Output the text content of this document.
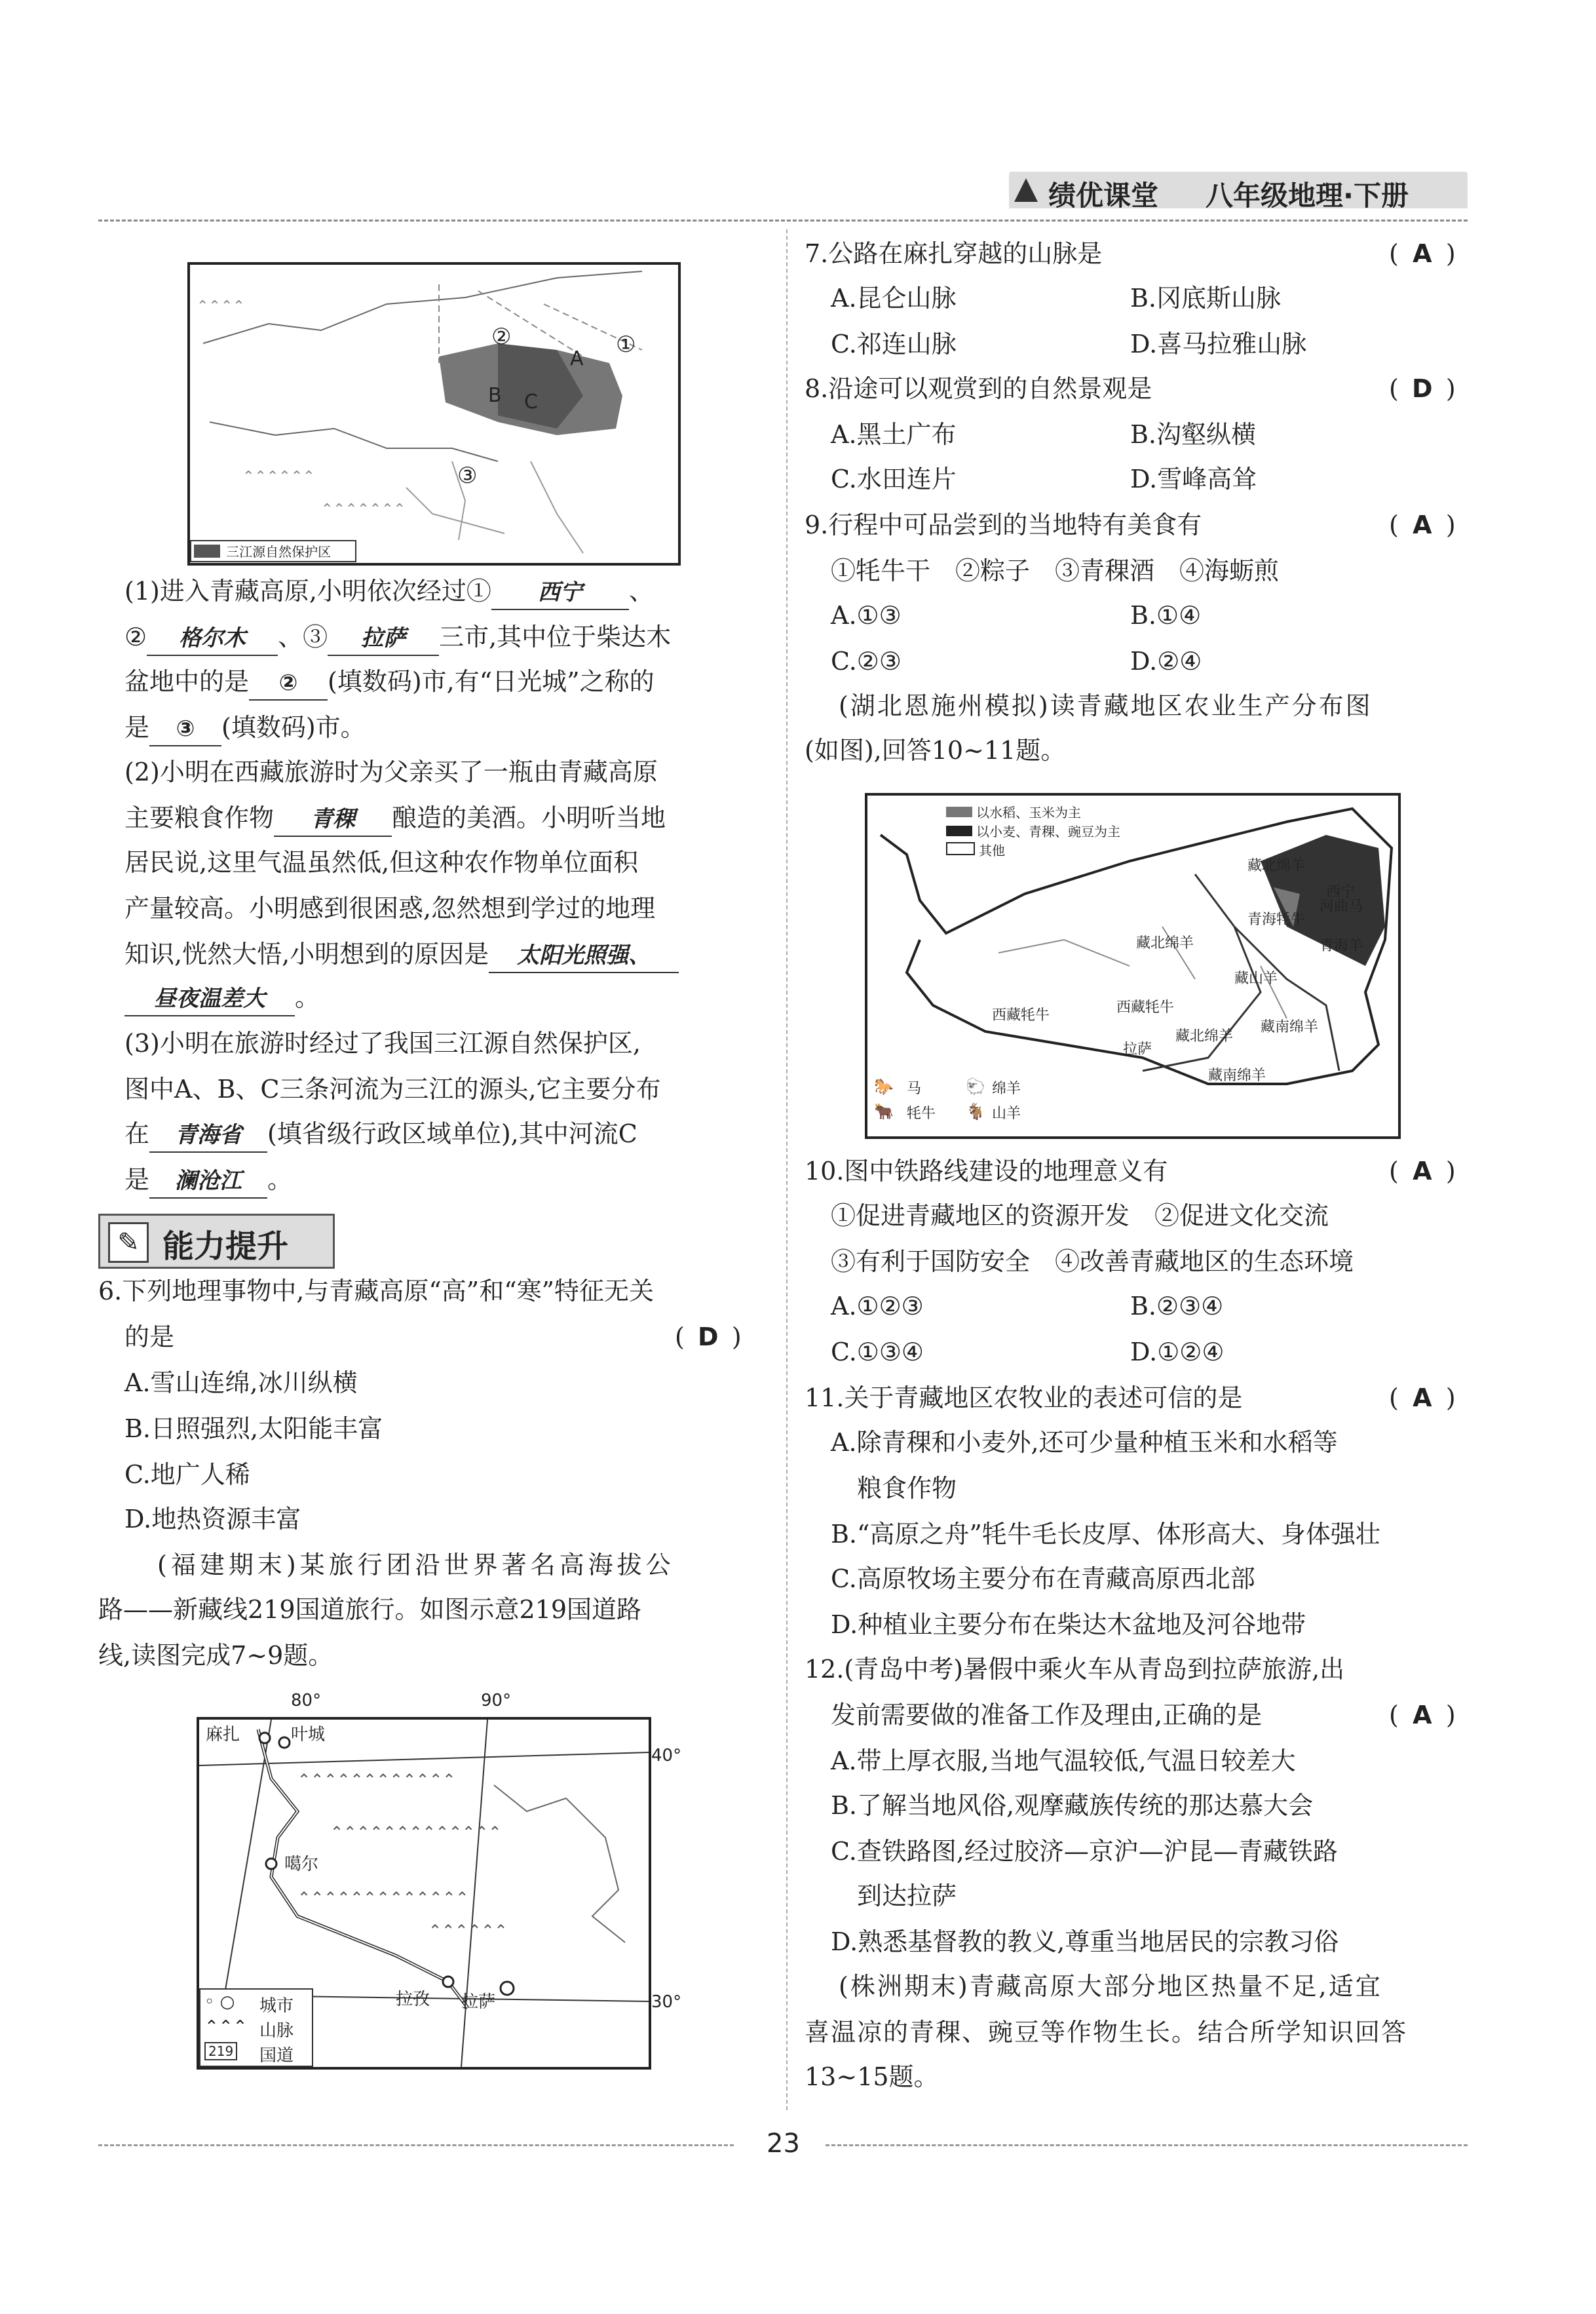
绩优课堂 八年级地理·下册
⌃⌃⌃⌃
⌃⌃⌃⌃⌃⌃
⌃⌃⌃⌃⌃⌃⌃
②	①
A
B C
③
三江源自然保护区
(1)进入青藏高原,小明依次经过① 西宁 、
② 格尔木 、③ 拉萨 三市,其中位于柴达木
盆地中的是 ② (填数码)市,有“日光城”之称的
是 ③ (填数码)市。
(2)小明在西藏旅游时为父亲买了一瓶由青藏高原
主要粮食作物 青稞 酿造的美酒。小明听当地
居民说,这里气温虽然低,但这种农作物单位面积
产量较高。小明感到很困惑,忽然想到学过的地理
知识,恍然大悟,小明想到的原因是 太阳光照强、
昼夜温差大 。
(3)小明在旅游时经过了我国三江源自然保护区,
图中A、B、C三条河流为三江的源头,它主要分布
在 青海省 (填省级行政区域单位),其中河流C
是 澜沧江 。
✎ 能力提升
6.下列地理事物中,与青藏高原“高”和“寒”特征无关
的是	( D )
A.雪山连绵,冰川纵横
B.日照强烈,太阳能丰富
C.地广人稀
D.地热资源丰富
(福建期末)某旅行团沿世界著名高海拔公
路——新藏线219国道旅行。如图示意219国道路
线,读图完成7~9题。
⌃⌃⌃⌃⌃⌃⌃⌃⌃⌃⌃⌃
⌃⌃⌃⌃⌃⌃⌃⌃⌃⌃⌃⌃⌃
⌃⌃⌃⌃⌃⌃⌃⌃⌃⌃⌃⌃⌃
⌃⌃⌃⌃⌃⌃
80°	90°
40°
30°
麻扎	叶城
噶尔
拉孜 拉萨
◦ ○ 城市
⌃⌃⌃ 山脉
219 国道
7.公路在麻扎穿越的山脉是	( A )
A.昆仑山脉	B.冈底斯山脉
C.祁连山脉	D.喜马拉雅山脉
8.沿途可以观赏到的自然景观是	( D )
A.黑土广布	B.沟壑纵横
C.水田连片	D.雪峰高耸
9.行程中可品尝到的当地特有美食有	( A )
①牦牛干　②粽子　③青稞酒　④海蛎煎
A.①③	B.①④
C.②③	D.②④
(湖北恩施州模拟)读青藏地区农业生产分布图
(如图),回答10~11题。
以水稻、玉米为主
以小麦、青稞、豌豆为主
其他
藏北绵羊
西宁
河曲马
青海牦牛
藏北绵羊	青海羊
藏山羊
西藏牦牛	西藏牦牛
藏北绵羊
藏南绵羊
拉萨
藏南绵羊
🐎 马	🐑 绵羊
🐂 牦牛 🐐 山羊
10.图中铁路线建设的地理意义有	( A )
①促进青藏地区的资源开发　②促进文化交流
③有利于国防安全　④改善青藏地区的生态环境
A.①②③	B.②③④
C.①③④	D.①②④
11.关于青藏地区农牧业的表述可信的是	( A )
A.除青稞和小麦外,还可少量种植玉米和水稻等
粮食作物
B.“高原之舟”牦牛毛长皮厚、体形高大、身体强壮
C.高原牧场主要分布在青藏高原西北部
D.种植业主要分布在柴达木盆地及河谷地带
12.(青岛中考)暑假中乘火车从青岛到拉萨旅游,出
发前需要做的准备工作及理由,正确的是	( A )
A.带上厚衣服,当地气温较低,气温日较差大
B.了解当地风俗,观摩藏族传统的那达慕大会
C.查铁路图,经过胶济—京沪—沪昆—青藏铁路
到达拉萨
D.熟悉基督教的教义,尊重当地居民的宗教习俗
(株洲期末)青藏高原大部分地区热量不足,适宜
喜温凉的青稞、豌豆等作物生长。结合所学知识回答
13~15题。
23
